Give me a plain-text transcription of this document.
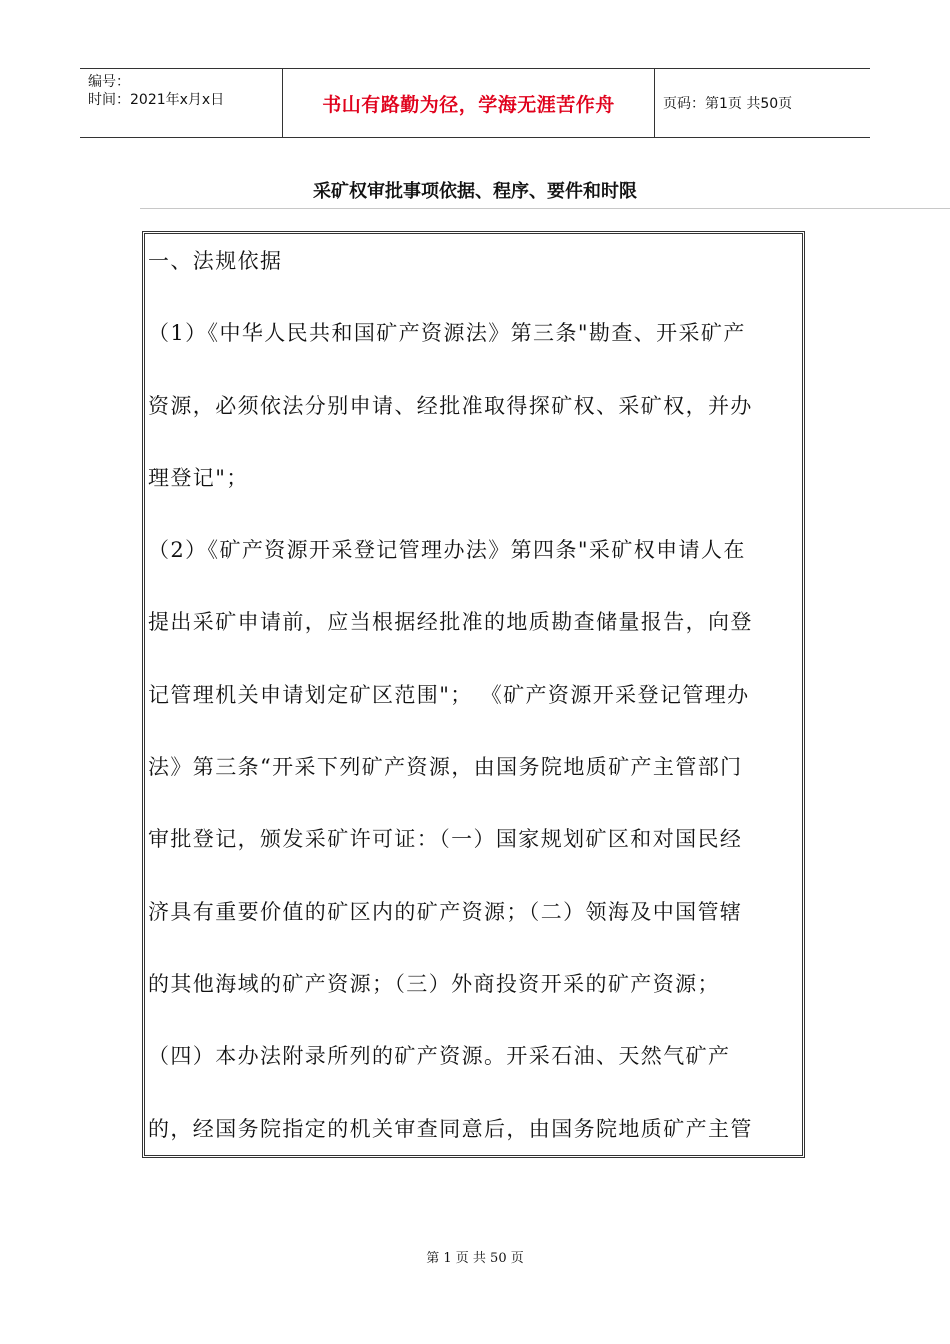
编号：
时间：2021年x月x日	书山有路勤为径，学海无涯苦作舟	页码：第1页 共50页
采矿权审批事项依据、程序、要件和时限
一、法规依据
（1）《中华人民共和国矿产资源法》第三条"勘查、开采矿产
资源，必须依法分别申请、经批准取得探矿权、采矿权，并办
理登记"；
（2）《矿产资源开采登记管理办法》第四条"采矿权申请人在
提出采矿申请前，应当根据经批准的地质勘查储量报告，向登
记管理机关申请划定矿区范围"； 《矿产资源开采登记管理办
法》第三条“开采下列矿产资源，由国务院地质矿产主管部门
审批登记，颁发采矿许可证：（一）国家规划矿区和对国民经
济具有重要价值的矿区内的矿产资源；（二）领海及中国管辖
的其他海域的矿产资源；（三）外商投资开采的矿产资源；
（四）本办法附录所列的矿产资源。开采石油、天然气矿产
的，经国务院指定的机关审查同意后，由国务院地质矿产主管
第 1 页 共 50 页
